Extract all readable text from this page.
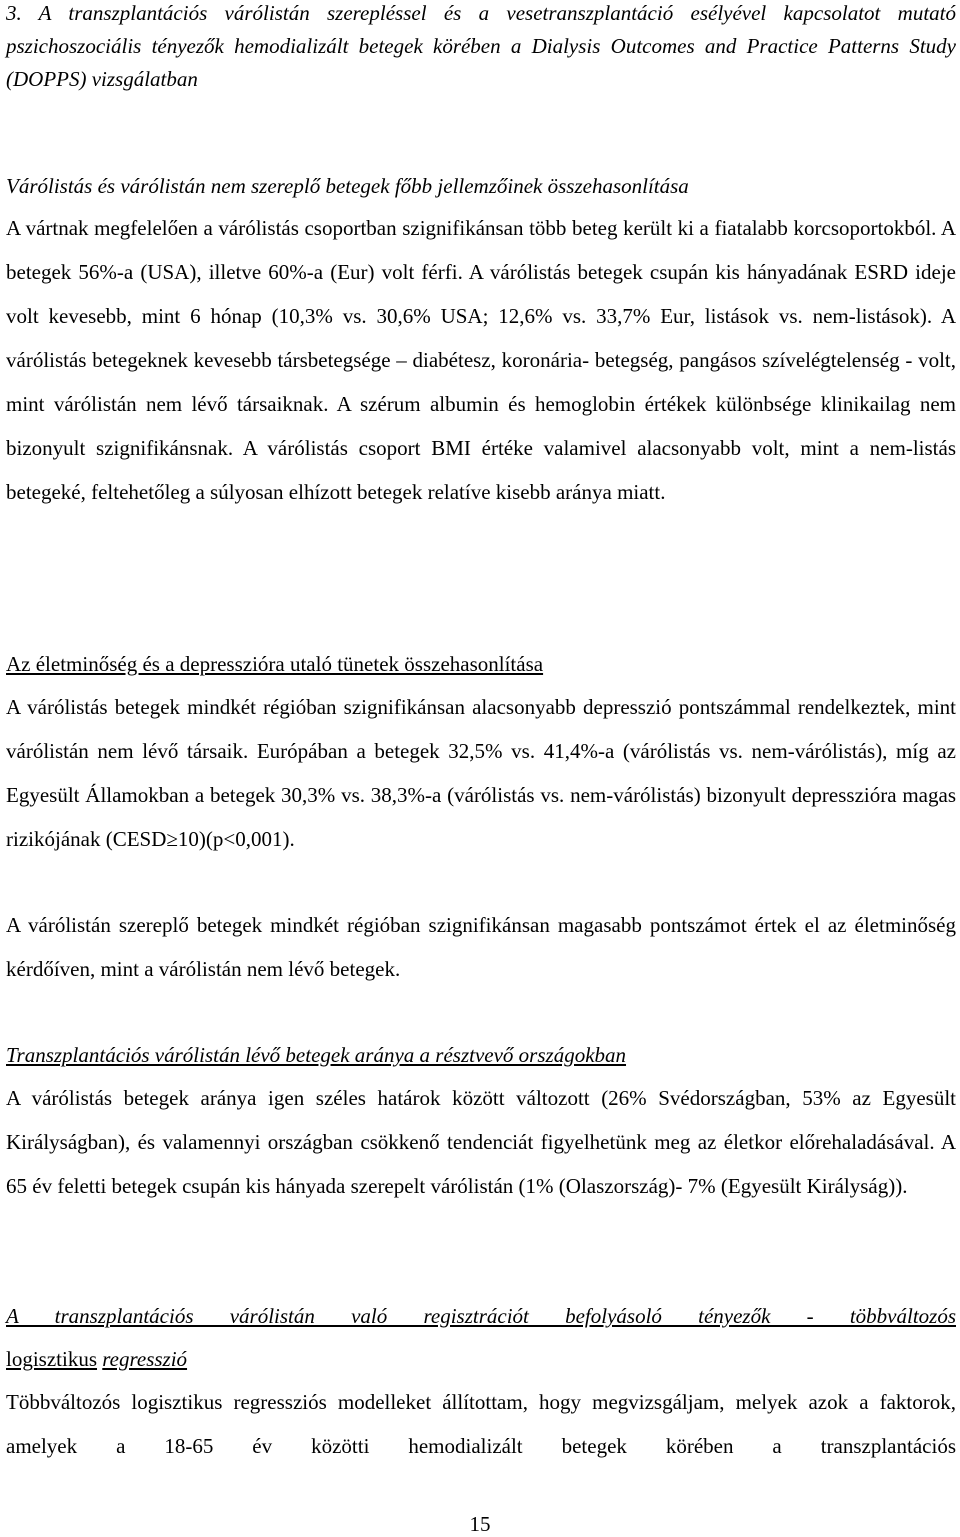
3. A transzplantációs várólistán szerepléssel és a vesetranszplantáció esélyével kapcsolatot mutató pszichoszociális tényezők hemodializált betegek körében a Dialysis Outcomes and Practice Patterns Study (DOPPS) vizsgálatban

Várólistás és várólistán nem szereplő betegek főbb jellemzőinek összehasonlítása

A vártnak megfelelően a várólistás csoportban szignifikánsan több beteg került ki a fiatalabb korcsoportokból. A betegek 56%-a (USA), illetve 60%-a (Eur) volt férfi. A várólistás betegek csupán kis hányadának ESRD ideje volt kevesebb, mint 6 hónap (10,3% vs. 30,6% USA; 12,6% vs. 33,7% Eur, listások vs. nem-listások). A várólistás betegeknek kevesebb társbetegsége – diabétesz, koronária- betegség, pangásos szívelégtelenség - volt, mint várólistán nem lévő társaiknak. A szérum albumin és hemoglobin értékek különbsége klinikailag nem bizonyult szignifikánsnak. A várólistás csoport BMI értéke valamivel alacsonyabb volt, mint a nem-listás betegeké, feltehetőleg a súlyosan elhízott betegek relatíve kisebb aránya miatt.

Az életminőség és a depresszióra utaló tünetek összehasonlítása

A várólistás betegek mindkét régióban szignifikánsan alacsonyabb depresszió pontszámmal rendelkeztek, mint várólistán nem lévő társaik. Európában a betegek 32,5% vs. 41,4%-a (várólistás vs. nem-várólistás), míg az Egyesült Államokban a betegek 30,3% vs. 38,3%-a (várólistás vs. nem-várólistás) bizonyult depresszióra magas rizikójának (CESD≥10)(p<0,001).

A várólistán szereplő betegek mindkét régióban szignifikánsan magasabb pontszámot értek el az életminőség kérdőíven, mint a várólistán nem lévő betegek.

Transzplantációs várólistán lévő betegek aránya a résztvevő országokban

A várólistás betegek aránya igen széles határok között változott (26% Svédországban, 53% az Egyesült Királyságban), és valamennyi országban csökkenő tendenciát figyelhetünk meg az életkor előrehaladásával. A 65 év feletti betegek csupán kis hányada szerepelt várólistán (1% (Olaszország)- 7% (Egyesült Királyság)).

A transzplantációs várólistán való regisztrációt befolyásoló tényezők - többváltozós

logisztikus regresszió

Többváltozós logisztikus regressziós modelleket állítottam, hogy megvizsgáljam, melyek azok a faktorok, amelyek a 18-65 év közötti hemodializált betegek körében a transzplantációs

15
